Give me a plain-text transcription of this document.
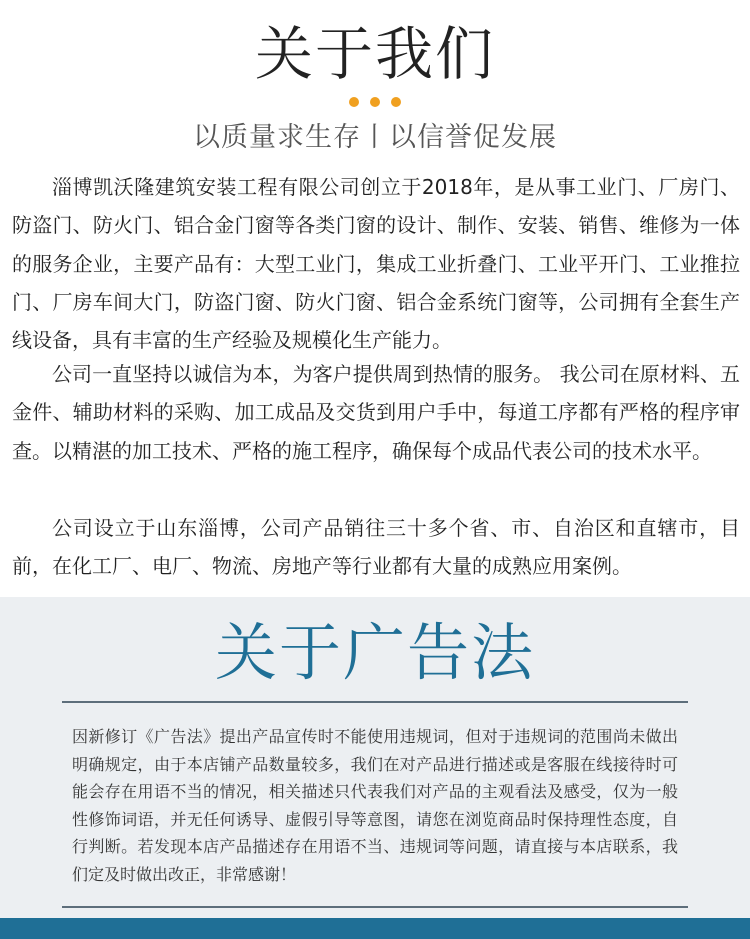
关于我们
以质量求生存丨以信誉促发展

淄博凯沃隆建筑安装工程有限公司创立于2018年，是从事工业门、厂房门、防盗门、防火门、铝合金门窗等各类门窗的设计、制作、安装、销售、维修为一体的服务企业，主要产品有：大型工业门，集成工业折叠门、工业平开门、工业推拉门、厂房车间大门，防盗门窗、防火门窗、铝合金系统门窗等，公司拥有全套生产线设备，具有丰富的生产经验及规模化生产能力。

公司一直坚持以诚信为本，为客户提供周到热情的服务。 我公司在原材料、五金件、辅助材料的采购、加工成品及交货到用户手中，每道工序都有严格的程序审查。以精湛的加工技术、严格的施工程序，确保每个成品代表公司的技术水平。

公司设立于山东淄博，公司产品销往三十多个省、市、自治区和直辖市，目前，在化工厂、电厂、物流、房地产等行业都有大量的成熟应用案例。

关于广告法

因新修订《广告法》提出产品宣传时不能使用违规词，但对于违规词的范围尚未做出明确规定，由于本店铺产品数量较多，我们在对产品进行描述或是客服在线接待时可能会存在用语不当的情况，相关描述只代表我们对产品的主观看法及感受，仅为一般性修饰词语，并无任何诱导、虚假引导等意图，请您在浏览商品时保持理性态度，自行判断。若发现本店产品描述存在用语不当、违规词等问题，请直接与本店联系，我们定及时做出改正，非常感谢！
